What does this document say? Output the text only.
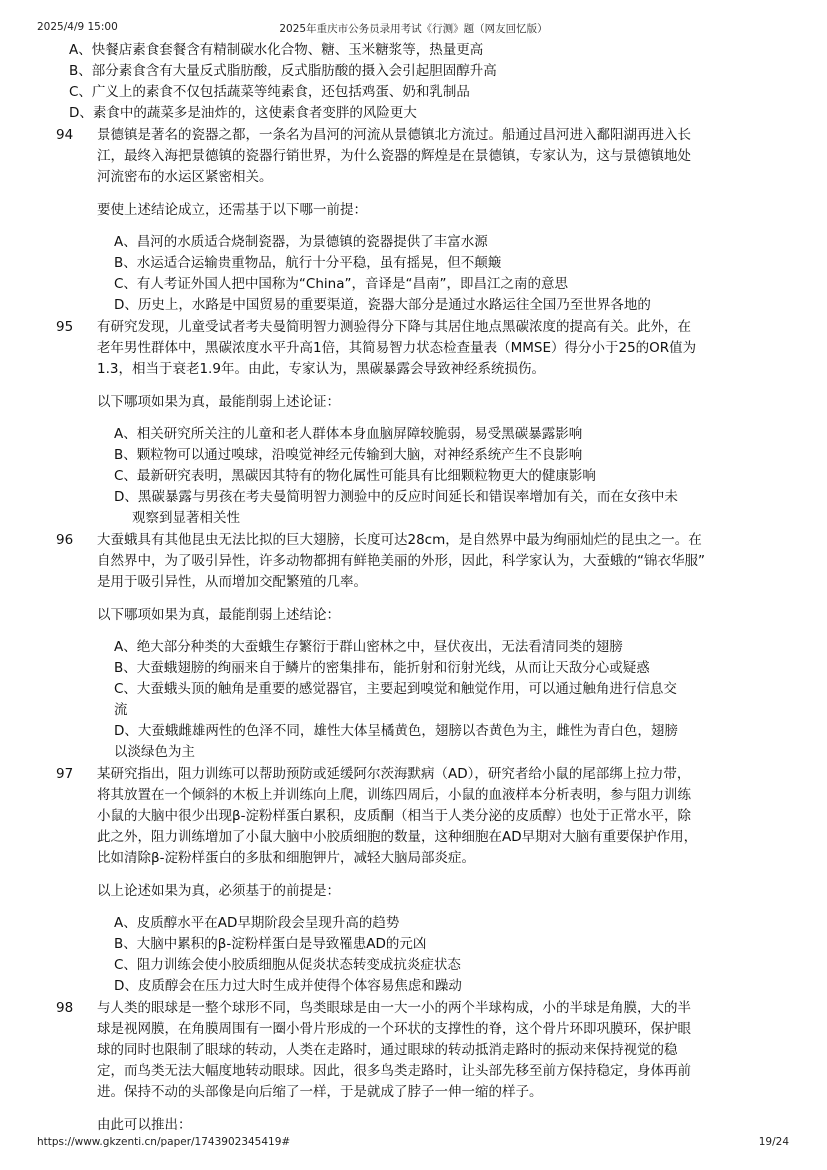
2025/4/9 15:00	2025年重庆市公务员录用考试《行测》题（网友回忆版）
​
A、快餐店素食套餐含有精制碳水化合物、糖、玉米糖浆等，热量更高
B、部分素食含有大量反式脂肪酸，反式脂肪酸的摄入会引起胆固醇升高
C、广义上的素食不仅包括蔬菜等纯素食，还包括鸡蛋、奶和乳制品
D、素食中的蔬菜多是油炸的，这使素食者变胖的风险更大
94 景德镇是著名的瓷器之都，一条名为昌河的河流从景德镇北方流过。船通过昌河进入鄱阳湖再进入长
江，最终入海把景德镇的瓷器行销世界，为什么瓷器的辉煌是在景德镇，专家认为，这与景德镇地处
河流密布的水运区紧密相关。
要使上述结论成立，还需基于以下哪一前提：
A、昌河的水质适合烧制瓷器，为景德镇的瓷器提供了丰富水源
B、水运适合运输贵重物品，航行十分平稳，虽有摇晃，但不颠簸
C、有人考证外国人把中国称为“China”，音译是“昌南”，即昌江之南的意思
D、历史上，水路是中国贸易的重要渠道，瓷器大部分是通过水路运往全国乃至世界各地的
95 有研究发现，儿童受试者考夫曼简明智力测验得分下降与其居住地点黑碳浓度的提高有关。此外，在
老年男性群体中，黑碳浓度水平升高1倍，其简易智力状态检查量表（MMSE）得分小于25的OR值为
1.3，相当于衰老1.9年。由此，专家认为，黑碳暴露会导致神经系统损伤。
以下哪项如果为真，最能削弱上述论证：
A、相关研究所关注的儿童和老人群体本身血脑屏障较脆弱，易受黑碳暴露影响
B、颗粒物可以通过嗅球，沿嗅觉神经元传输到大脑，对神经系统产生不良影响
C、最新研究表明，黑碳因其特有的物化属性可能具有比细颗粒物更大的健康影响
D、黑碳暴露与男孩在考夫曼简明智力测验中的反应时间延长和错误率增加有关，而在女孩中未
观察到显著相关性
96 大蚕蛾具有其他昆虫无法比拟的巨大翅膀，长度可达28cm，是自然界中最为绚丽灿烂的昆虫之一。在
自然界中，为了吸引异性，许多动物都拥有鲜艳美丽的外形，因此，科学家认为，大蚕蛾的“锦衣华服”
是用于吸引异性，从而增加交配繁殖的几率。
以下哪项如果为真，最能削弱上述结论：
A、绝大部分种类的大蚕蛾生存繁衍于群山密林之中，昼伏夜出，无法看清同类的翅膀
B、大蚕蛾翅膀的绚丽来自于鳞片的密集排布，能折射和衍射光线，从而让天敌分心或疑惑
C、大蚕蛾头顶的触角是重要的感觉器官，主要起到嗅觉和触觉作用，可以通过触角进行信息交
流
D、大蚕蛾雌雄两性的色泽不同，雄性大体呈橘黄色，翅膀以杏黄色为主，雌性为青白色，翅膀
以淡绿色为主
97 某研究指出，阻力训练可以帮助预防或延缓阿尔茨海默病（AD），研究者给小鼠的尾部绑上拉力带，
将其放置在一个倾斜的木板上并训练向上爬，训练四周后，小鼠的血液样本分析表明，参与阻力训练
小鼠的大脑中很少出现β-淀粉样蛋白累积，皮质酮（相当于人类分泌的皮质醇）也处于正常水平，除
此之外，阻力训练增加了小鼠大脑中小胶质细胞的数量，这种细胞在AD早期对大脑有重要保护作用，
比如清除β-淀粉样蛋白的多肽和细胞钾片，减轻大脑局部炎症。
以上论述如果为真，必须基于的前提是：
A、皮质醇水平在AD早期阶段会呈现升高的趋势
B、大脑中累积的β-淀粉样蛋白是导致罹患AD的元凶
C、阻力训练会使小胶质细胞从促炎状态转变成抗炎症状态
D、皮质醇会在压力过大时生成并使得个体容易焦虑和躁动
98 与人类的眼球是一整个球形不同，鸟类眼球是由一大一小的两个半球构成，小的半球是角膜，大的半
球是视网膜，在角膜周围有一圈小骨片形成的一个环状的支撑性的脊，这个骨片环即巩膜环，保护眼
球的同时也限制了眼球的转动，人类在走路时，通过眼球的转动抵消走路时的振动来保持视觉的稳
定，而鸟类无法大幅度地转动眼球。因此，很多鸟类走路时，让头部先移至前方保持稳定，身体再前
进。保持不动的头部像是向后缩了一样，于是就成了脖子一伸一缩的样子。
由此可以推出：
https://www.gkzenti.cn/paper/1743902345419#	19/24
